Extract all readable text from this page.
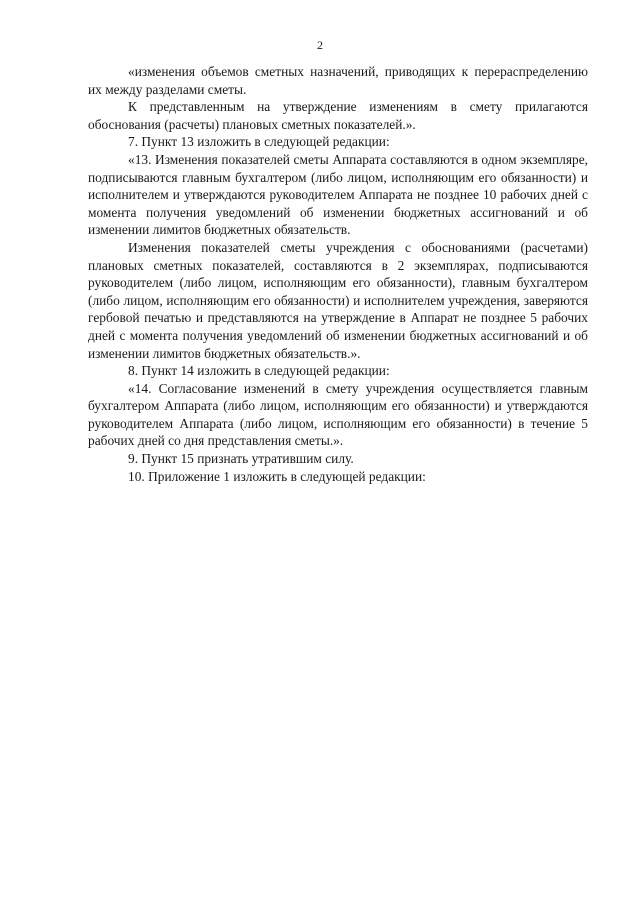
2

«изменения объемов сметных назначений, приводящих к перераспределению их между разделами сметы.

К представленным на утверждение изменениям в смету прилагаются обоснования (расчеты) плановых сметных показателей.».

7. Пункт 13 изложить в следующей редакции:

«13. Изменения показателей сметы Аппарата составляются в одном экземпляре, подписываются главным бухгалтером (либо лицом, исполняющим его обязанности) и исполнителем и утверждаются руководителем Аппарата не позднее 10 рабочих дней с момента получения уведомлений об изменении бюджетных ассигнований и об изменении лимитов бюджетных обязательств.

Изменения показателей сметы учреждения с обоснованиями (расчетами) плановых сметных показателей, составляются в 2 экземплярах, подписываются руководителем (либо лицом, исполняющим его обязанности), главным бухгалтером (либо лицом, исполняющим его обязанности) и исполнителем учреждения, заверяются гербовой печатью и представляются на утверждение в Аппарат не позднее 5 рабочих дней с момента получения уведомлений об изменении бюджетных ассигнований и об изменении лимитов бюджетных обязательств.».

8. Пункт 14 изложить в следующей редакции:

«14. Согласование изменений в смету учреждения осуществляется главным бухгалтером Аппарата (либо лицом, исполняющим его обязанности) и утверждаются руководителем Аппарата (либо лицом, исполняющим его обязанности) в течение 5 рабочих дней со дня представления сметы.».

9. Пункт 15 признать утратившим силу.

10. Приложение 1 изложить в следующей редакции:
